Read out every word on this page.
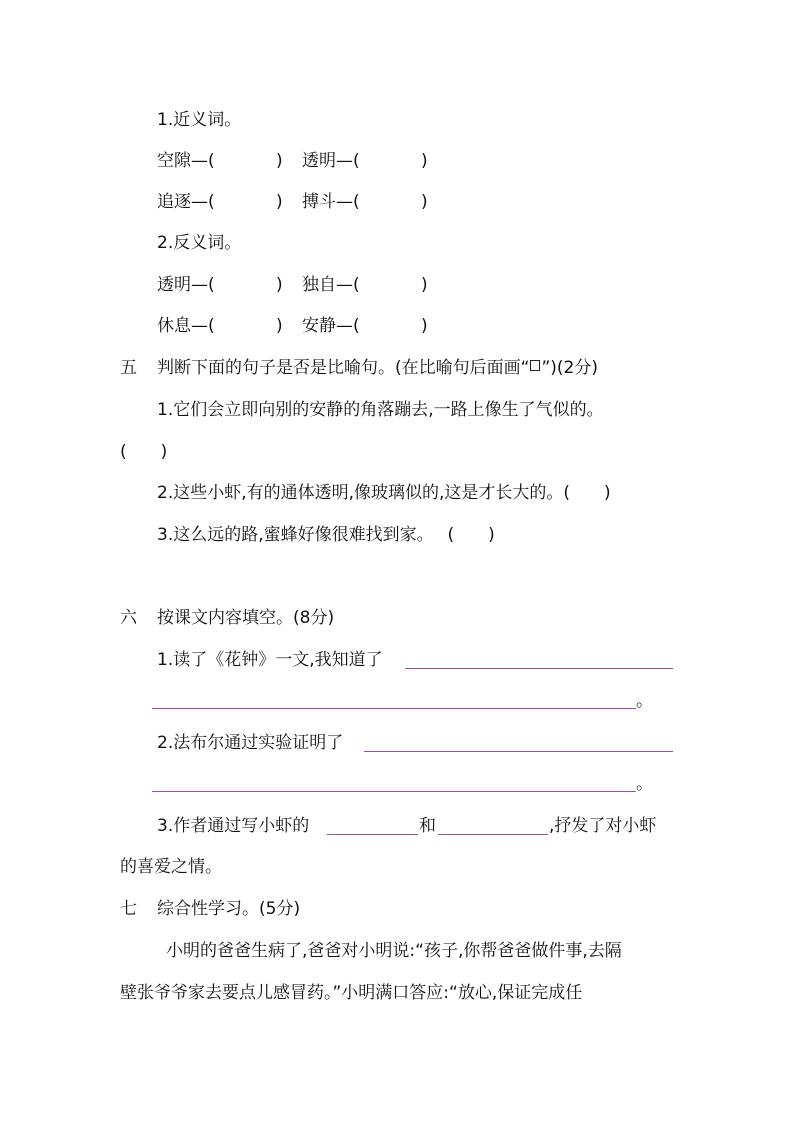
1.近义词。
空隙—(	) 透明—(	)
追逐—(	) 搏斗—(	)
2.反义词。
透明—(	) 独自—(	)
休息—(	) 安静—(	)
五 判断下面的句子是否是比喻句。(在比喻句后面画“ ”)(2分)
1.它们会立即向别的安静的角落蹦去,一路上像生了气似的。
(　　)
2.这些小虾,有的通体透明,像玻璃似的,这是才长大的。(　　)
3.这么远的路,蜜蜂好像很难找到家。　 (　　)
六 按课文内容填空。(8分)
1.读了《花钟》一文,我知道了
。
2.法布尔通过实验证明了
。
3.作者通过写小虾的	和	,抒发了对小虾
的喜爱之情。
七 综合性学习。(5分)
小明的爸爸生病了,爸爸对小明说:“孩子,你帮爸爸做件事,去隔
壁张爷爷家去要点儿感冒药。”小明满口答应:“放心,保证完成任
